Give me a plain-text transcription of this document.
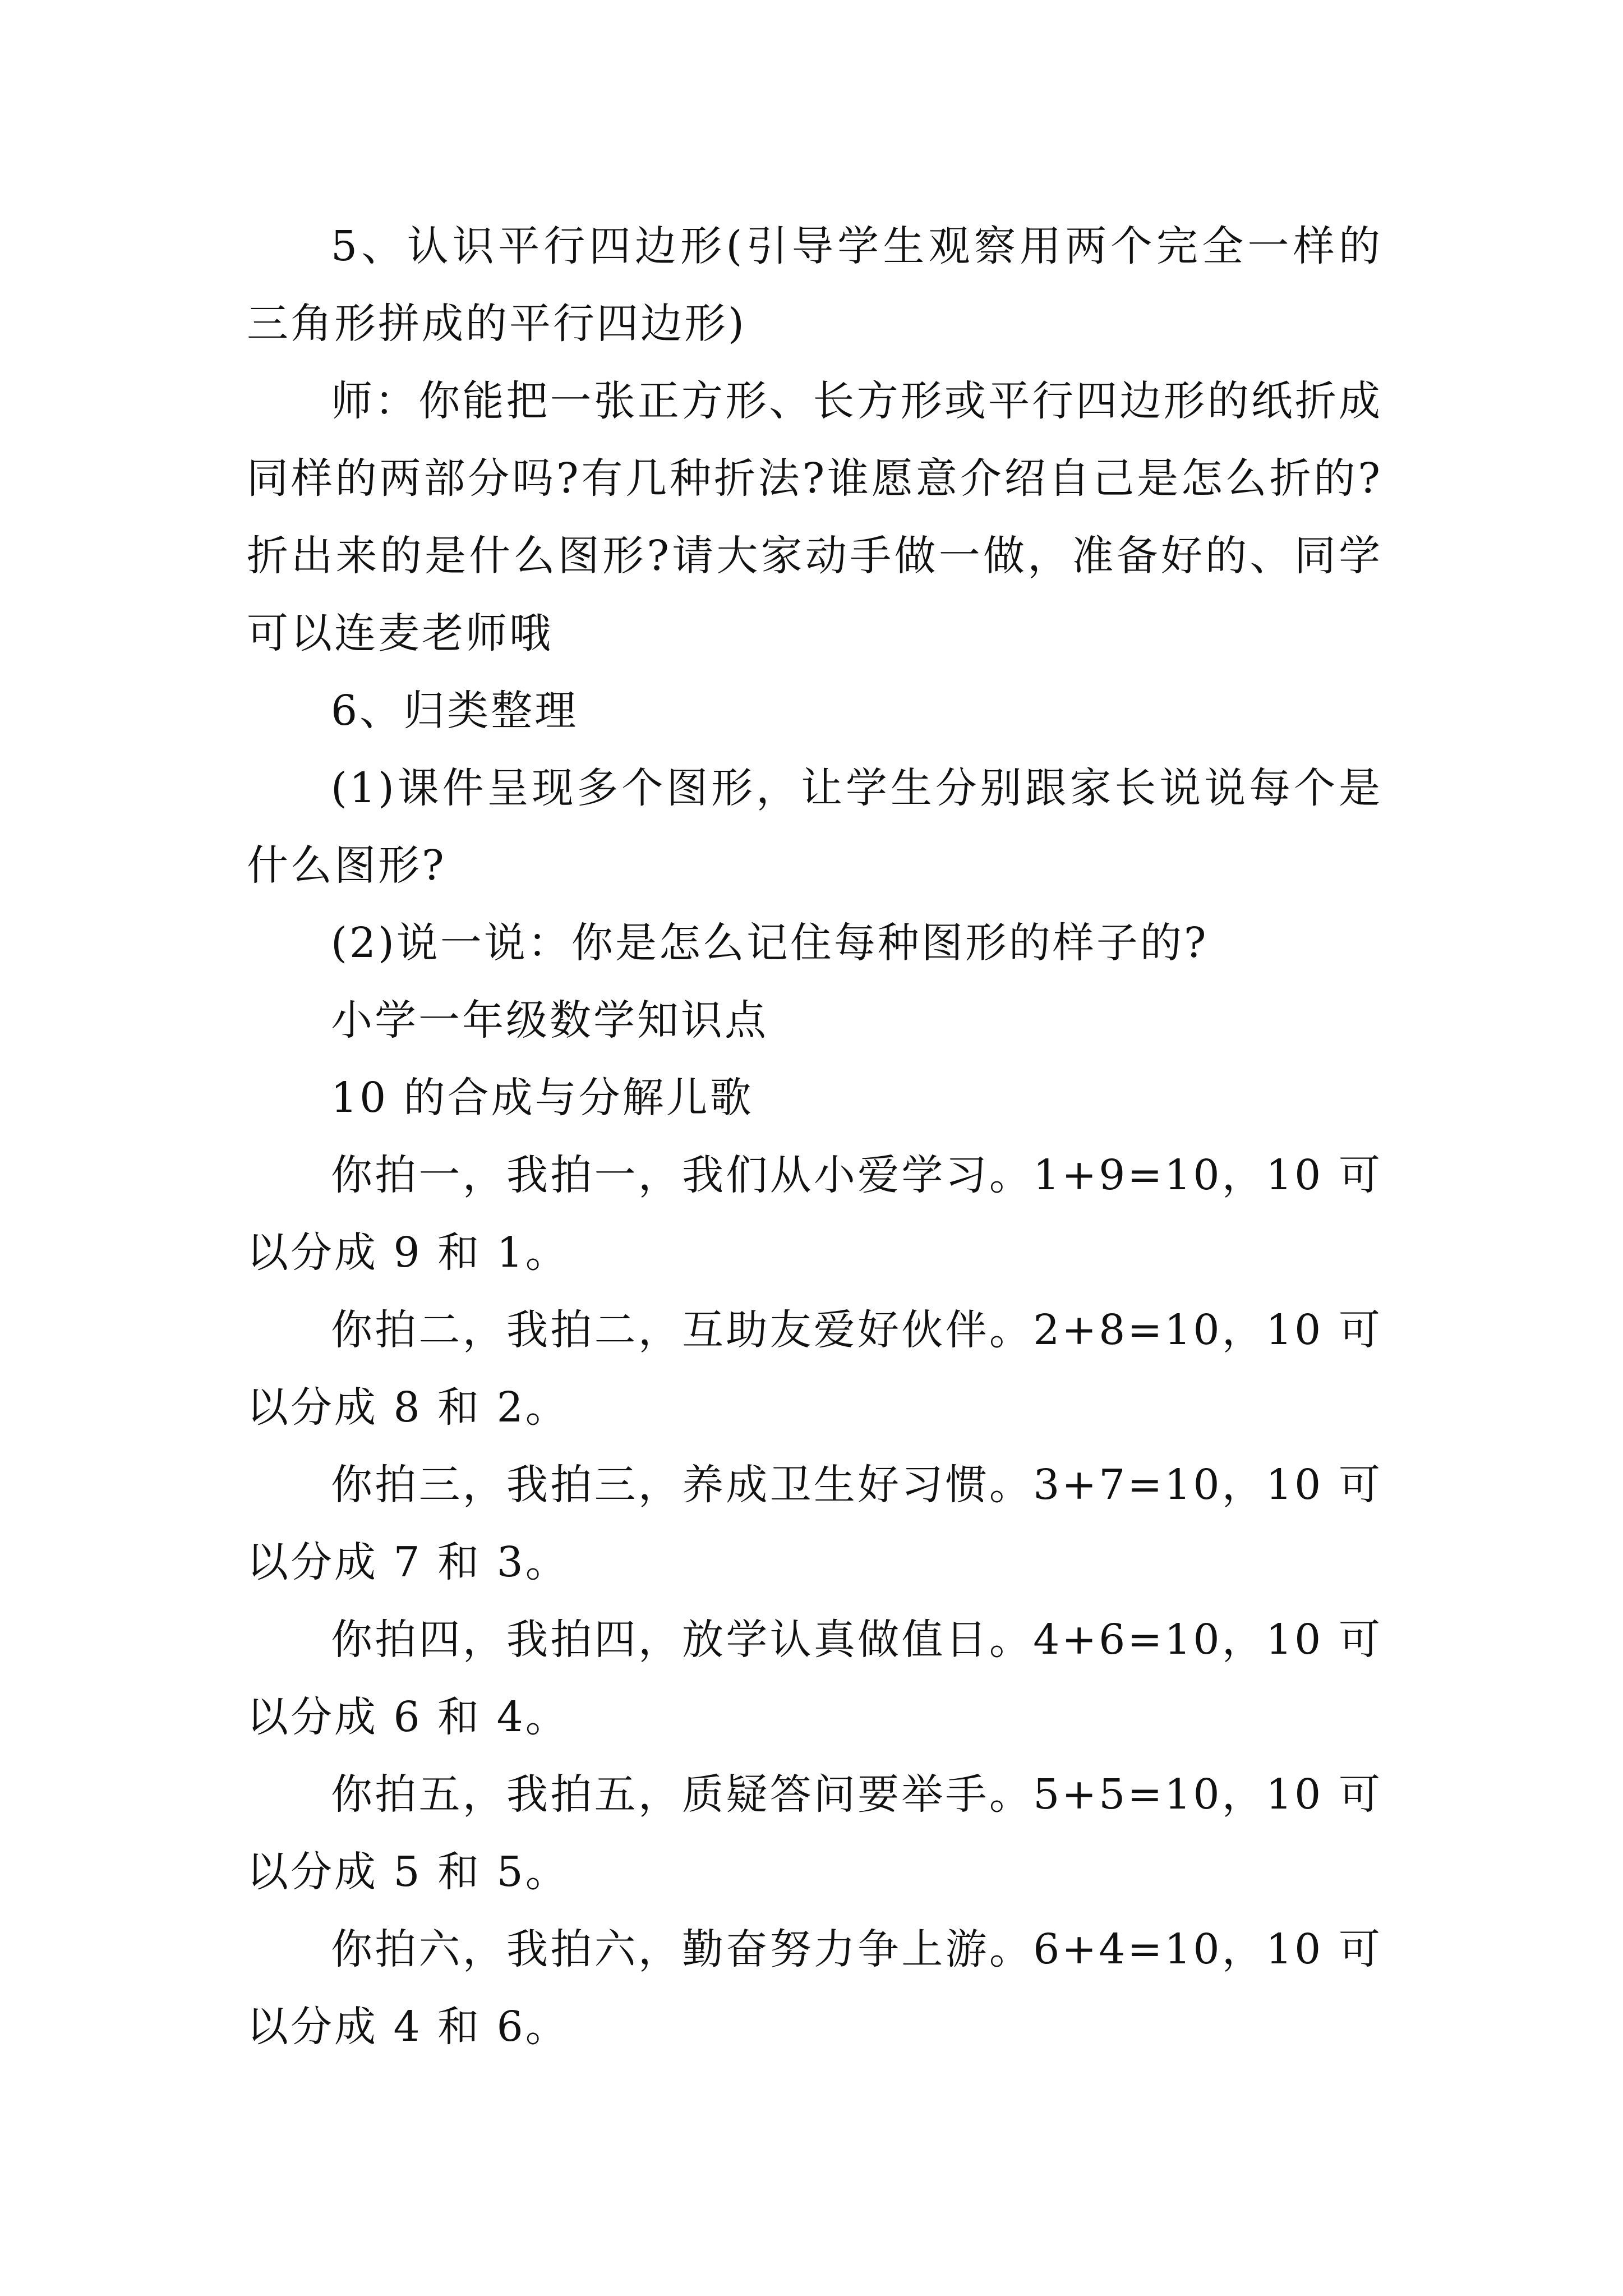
5、认识平行四边形(引导学生观察用两个完全一样的三角形拼成的平行四边形)

师：你能把一张正方形、长方形或平行四边形的纸折成同样的两部分吗?有几种折法?谁愿意介绍自己是怎么折的?折出来的是什么图形?请大家动手做一做，准备好的、同学可以连麦老师哦

6、归类整理

(1)课件呈现多个图形，让学生分别跟家长说说每个是什么图形?

(2)说一说：你是怎么记住每种图形的样子的?

小学一年级数学知识点

10 的合成与分解儿歌

你拍一，我拍一，我们从小爱学习。1+9=10，10 可以分成 9 和 1。

你拍二，我拍二，互助友爱好伙伴。2+8=10，10 可以分成 8 和 2。

你拍三，我拍三，养成卫生好习惯。3+7=10，10 可以分成 7 和 3。

你拍四，我拍四，放学认真做值日。4+6=10，10 可以分成 6 和 4。

你拍五，我拍五，质疑答问要举手。5+5=10，10 可以分成 5 和 5。

你拍六，我拍六，勤奋努力争上游。6+4=10，10 可以分成 4 和 6。
